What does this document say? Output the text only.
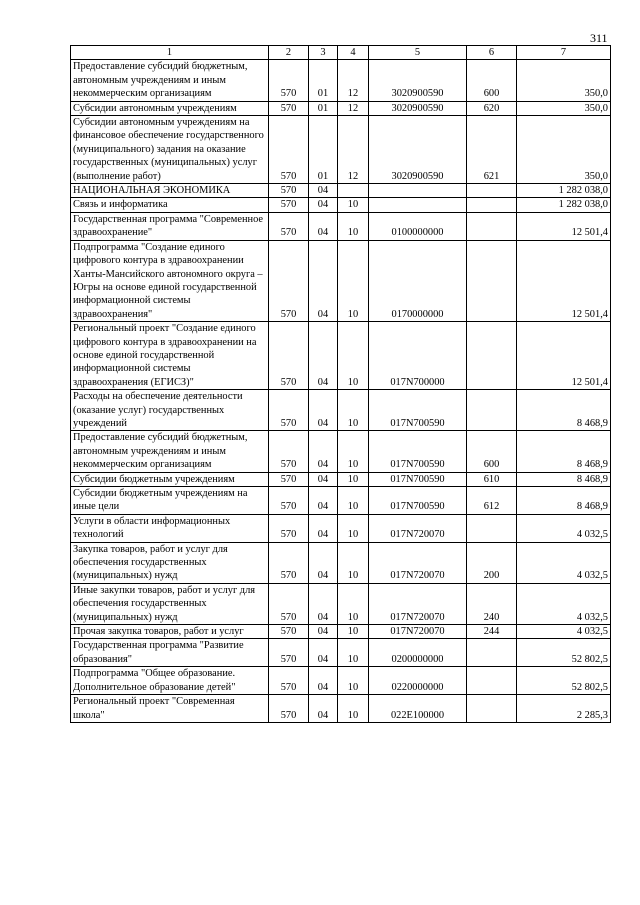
311
1	2	3	4	5	6	7
Предоставление субсидий бюджетным, автономным учреждениям и иным некоммерческим организациям	570	01	12	3020900590	600	350,0
Субсидии автономным учреждениям	570	01	12	3020900590	620	350,0
Субсидии автономным учреждениям на финансовое обеспечение государственного (муниципального) задания на оказание государственных (муниципальных) услуг (выполнение работ)	570	01	12	3020900590	621	350,0
НАЦИОНАЛЬНАЯ ЭКОНОМИКА	570	04				1 282 038,0
Связь и информатика	570	04	10			1 282 038,0
Государственная программа "Современное здравоохранение"	570	04	10	0100000000		12 501,4
Подпрограмма "Создание единого цифрового контура в здравоохранении Ханты-Мансийского автономного округа – Югры на основе единой государственной информационной системы здравоохранения"	570	04	10	0170000000		12 501,4
Региональный проект "Создание единого цифрового контура в здравоохранении на основе единой государственной информационной системы здравоохранения (ЕГИСЗ)"	570	04	10	017N700000		12 501,4
Расходы на обеспечение деятельности (оказание услуг) государственных учреждений	570	04	10	017N700590		8 468,9
Предоставление субсидий бюджетным, автономным учреждениям и иным некоммерческим организациям	570	04	10	017N700590	600	8 468,9
Субсидии бюджетным учреждениям	570	04	10	017N700590	610	8 468,9
Субсидии бюджетным учреждениям на иные цели	570	04	10	017N700590	612	8 468,9
Услуги в области информационных технологий	570	04	10	017N720070		4 032,5
Закупка товаров, работ и услуг для обеспечения государственных (муниципальных) нужд	570	04	10	017N720070	200	4 032,5
Иные закупки товаров, работ и услуг для обеспечения государственных (муниципальных) нужд	570	04	10	017N720070	240	4 032,5
Прочая закупка товаров, работ и услуг	570	04	10	017N720070	244	4 032,5
Государственная программа "Развитие образования"	570	04	10	0200000000		52 802,5
Подпрограмма "Общее образование. Дополнительное образование детей"	570	04	10	0220000000		52 802,5
Региональный проект "Современная школа"	570	04	10	022E100000		2 285,3
